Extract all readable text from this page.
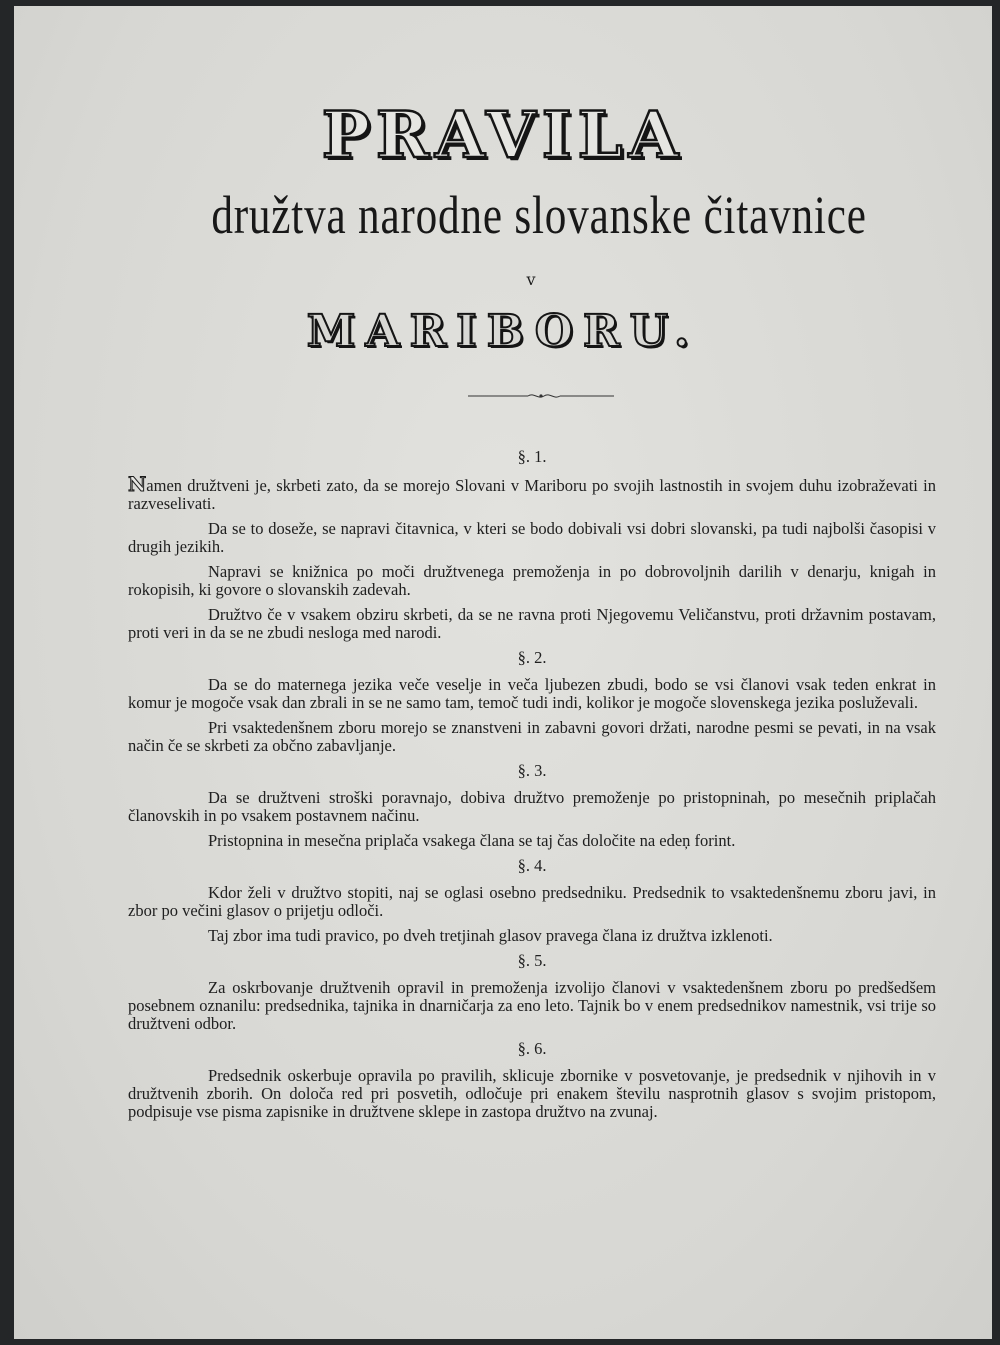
PRAVILA
družtva narodne slovanske čitavnice
v
MARIBORU.
§. 1.

Namen družtveni je, skrbeti zato, da se morejo Slovani v Mariboru po svojih lastnostih in svojem duhu izobraževati in razveselivati.

Da se to doseže, se napravi čitavnica, v kteri se bodo dobivali vsi dobri slovanski, pa tudi najbolši časopisi v drugih jezikih.

Napravi se knižnica po moči družtvenega premoženja in po dobrovoljnih darilih v denarju, knigah in rokopisih, ki govore o slovanskih zadevah.

Družtvo če v vsakem obziru skrbeti, da se ne ravna proti Njegovemu Veličanstvu, proti državnim postavam, proti veri in da se ne zbudi nesloga med narodi.

§. 2.

Da se do maternega jezika veče veselje in veča ljubezen zbudi, bodo se vsi članovi vsak teden enkrat in komur je mogoče vsak dan zbrali in se ne samo tam, temoč tudi indi, kolikor je mogoče slovenskega jezika posluževali.

Pri vsaktedenšnem zboru morejo se znanstveni in zabavni govori držati, narodne pesmi se pevati, in na vsak način če se skrbeti za občno zabavljanje.

§. 3.

Da se družtveni stroški poravnajo, dobiva družtvo premoženje po pristopninah, po mesečnih priplačah članovskih in po vsakem postavnem načinu.

Pristopnina in mesečna priplača vsakega člana se taj čas določite na edeņ forint.

§. 4.

Kdor želi v družtvo stopiti, naj se oglasi osebno predsedniku. Predsednik to vsaktedenšnemu zboru javi, in zbor po večini glasov o prijetju odloči.

Taj zbor ima tudi pravico, po dveh tretjinah glasov pravega člana iz družtva izklenoti.

§. 5.

Za oskrbovanje družtvenih opravil in premoženja izvolijo članovi v vsaktedenšnem zboru po predšedšem posebnem oznanilu: predsednika, tajnika in dnarničarja za eno leto. Tajnik bo v enem predsednikov namestnik, vsi trije so družtveni odbor.

§. 6.

Predsednik oskerbuje opravila po pravilih, sklicuje zbornike v posvetovanje, je predsednik v njihovih in v družtvenih zborih. On določa red pri posvetih, odločuje pri enakem številu nasprotnih glasov s svojim pristopom, podpisuje vse pisma zapisnike in družtvene sklepe in zastopa družtvo na zvunaj.
